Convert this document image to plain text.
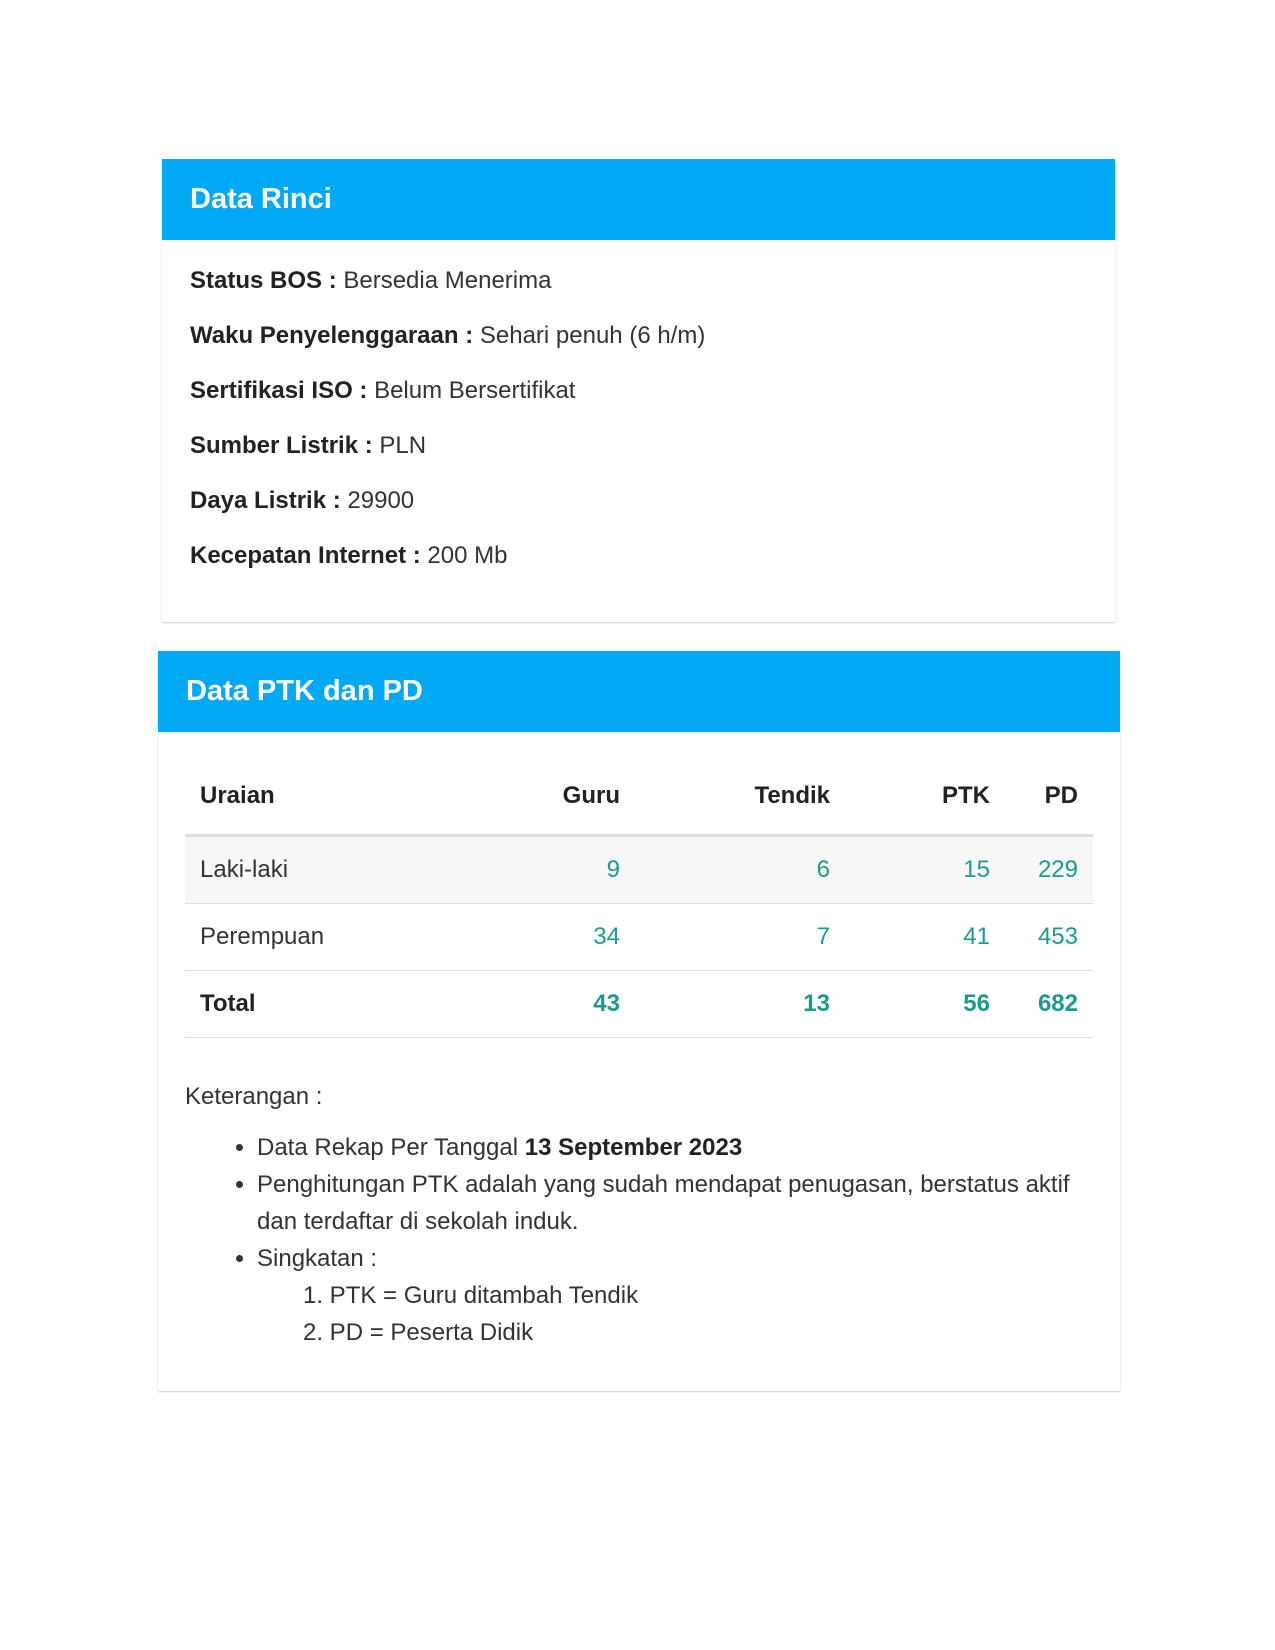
Data Rinci
Status BOS : Bersedia Menerima
Waku Penyelenggaraan : Sehari penuh (6 h/m)
Sertifikasi ISO : Belum Bersertifikat
Sumber Listrik : PLN
Daya Listrik : 29900
Kecepatan Internet : 200 Mb
Data PTK dan PD
Uraian	Guru	Tendik	PTK	PD
Laki-laki	9	6	15	229
Perempuan	34	7	41	453
Total	43	13	56	682
Keterangan :
• Data Rekap Per Tanggal 13 September 2023
• Penghitungan PTK adalah yang sudah mendapat penugasan, berstatus aktif dan terdaftar di sekolah induk.
• Singkatan :
1. PTK = Guru ditambah Tendik
2. PD = Peserta Didik
